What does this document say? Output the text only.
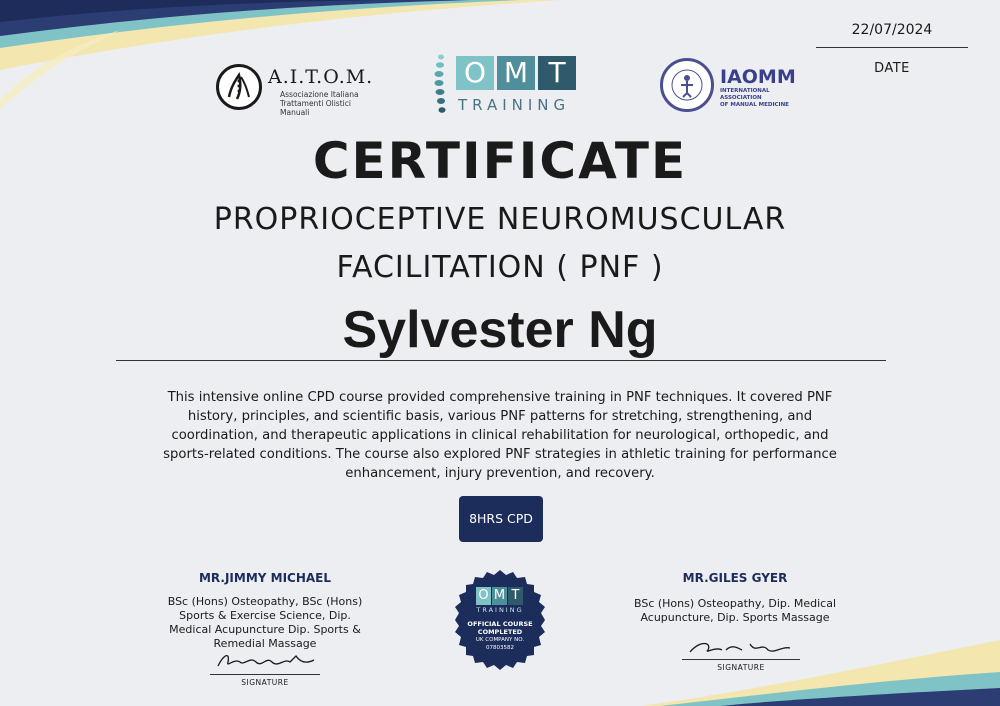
22/07/2024
DATE
A.I.T.O.M.
Associazione Italiana
Trattamenti Olistici Manuali
O M T
TRAINING
IAOMM
INTERNATIONAL ASSOCIATION
OF MANUAL MEDICINE
CERTIFICATE
PROPRIOCEPTIVE NEUROMUSCULAR
FACILITATION ( PNF )
Sylvester Ng
This intensive online CPD course provided comprehensive training in PNF techniques. It covered PNF history, principles, and scientific basis, various PNF patterns for stretching, strengthening, and coordination, and therapeutic applications in clinical rehabilitation for neurological, orthopedic, and sports-related conditions. The course also explored PNF strategies in athletic training for performance enhancement, injury prevention, and recovery.
8HRS CPD
MR.JIMMY MICHAEL
BSc (Hons) Osteopathy, BSc (Hons) Sports & Exercise Science, Dip. Medical Acupuncture Dip. Sports & Remedial Massage
SIGNATURE
MR.GILES GYER
BSc (Hons) Osteopathy, Dip. Medical Acupuncture, Dip. Sports Massage
SIGNATURE
O M T
TRAINING
OFFICIAL COURSE
COMPLETED
UK COMPANY NO.
07803582
